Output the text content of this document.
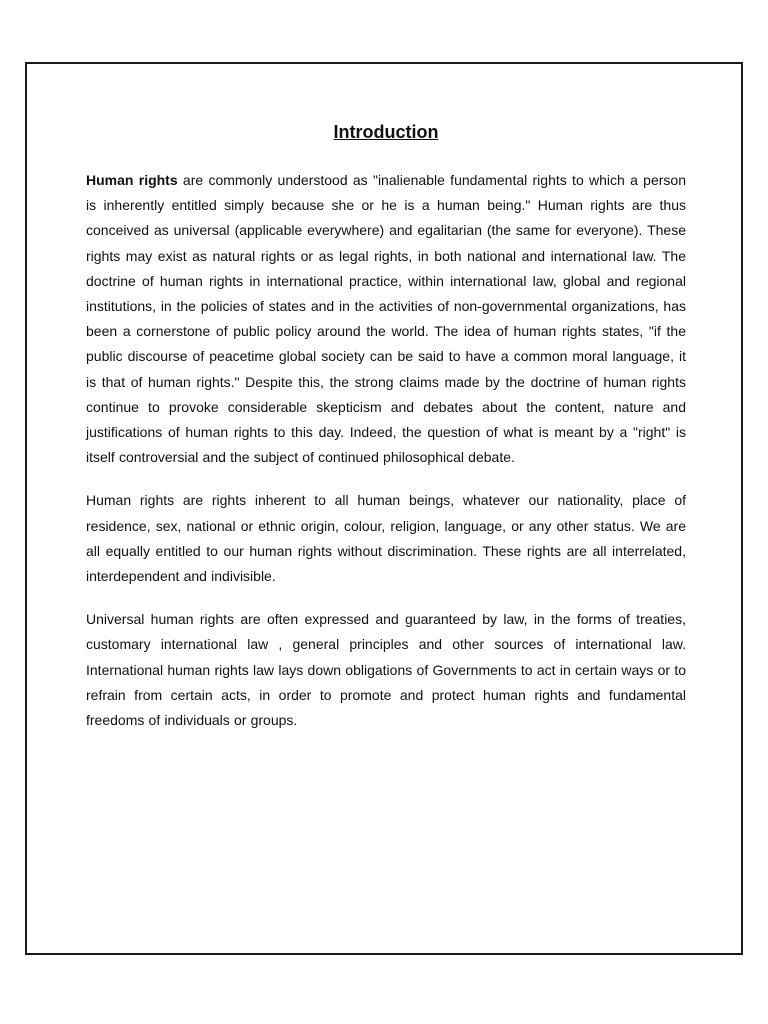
Introduction

Human rights are commonly understood as "inalienable fundamental rights to which a person is inherently entitled simply because she or he is a human being." Human rights are thus conceived as universal (applicable everywhere) and egalitarian (the same for everyone). These rights may exist as natural rights or as legal rights, in both national and international law. The doctrine of human rights in international practice, within international law, global and regional institutions, in the policies of states and in the activities of non-governmental organizations, has been a cornerstone of public policy around the world. The idea of human rights states, "if the public discourse of peacetime global society can be said to have a common moral language, it is that of human rights." Despite this, the strong claims made by the doctrine of human rights continue to provoke considerable skepticism and debates about the content, nature and justifications of human rights to this day. Indeed, the question of what is meant by a "right" is itself controversial and the subject of continued philosophical debate.

Human rights are rights inherent to all human beings, whatever our nationality, place of residence, sex, national or ethnic origin, colour, religion, language, or any other status. We are all equally entitled to our human rights without discrimination. These rights are all interrelated, interdependent and indivisible.

Universal human rights are often expressed and guaranteed by law, in the forms of treaties, customary international law , general principles and other sources of international law. International human rights law lays down obligations of Governments to act in certain ways or to refrain from certain acts, in order to promote and protect human rights and fundamental freedoms of individuals or groups.
